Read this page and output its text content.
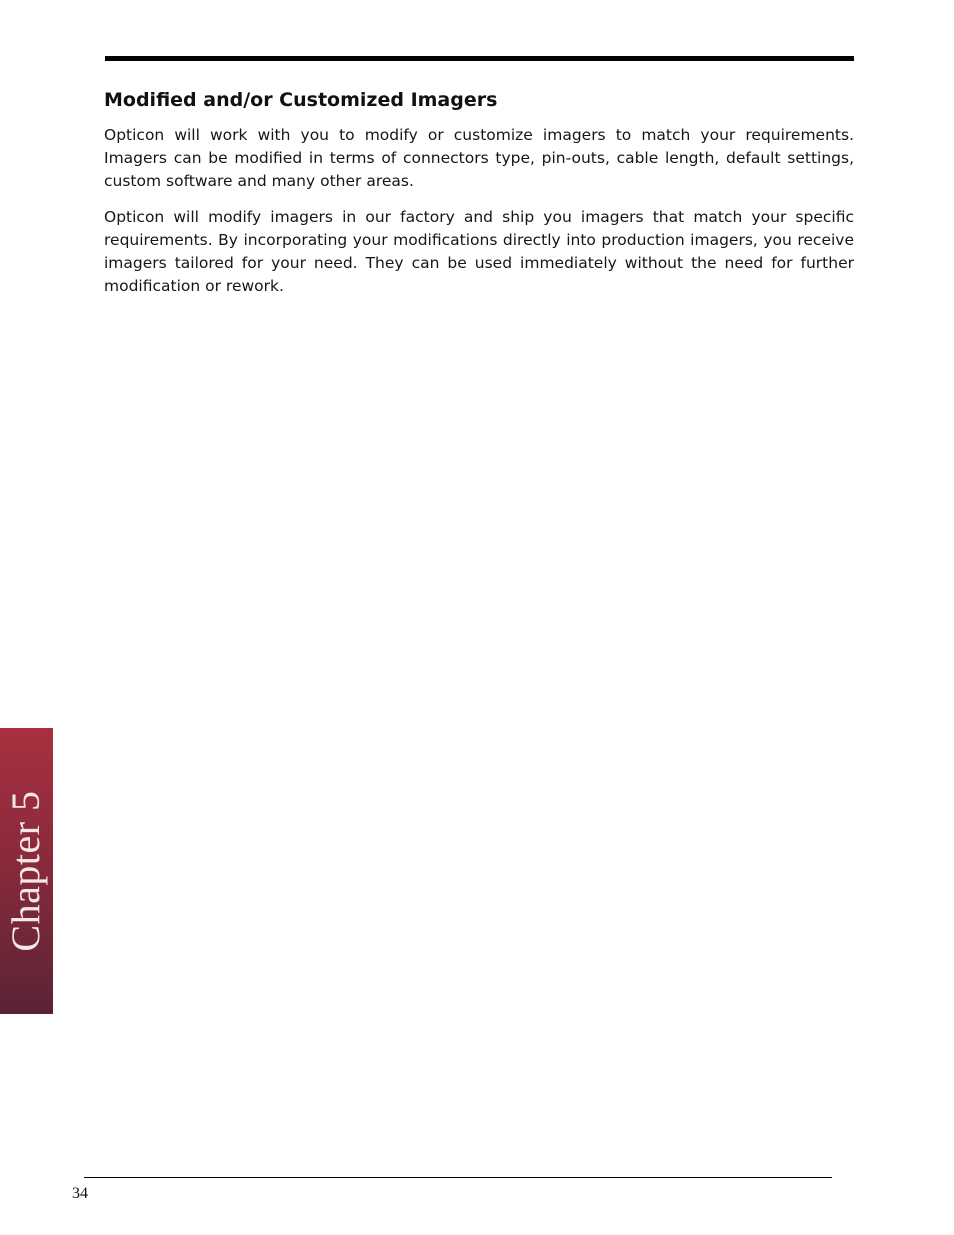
Modified and/or Customized Imagers

Opticon will work with you to modify or customize imagers to match your requirements. Imagers can be modified in terms of connectors type, pin-outs, cable length, default settings, custom software and many other areas.

Opticon will modify imagers in our factory and ship you imagers that match your specific requirements. By incorporating your modifications directly into production imagers, you receive imagers tailored for your need. They can be used immediately without the need for further modification or rework.

Chapter 5
34
